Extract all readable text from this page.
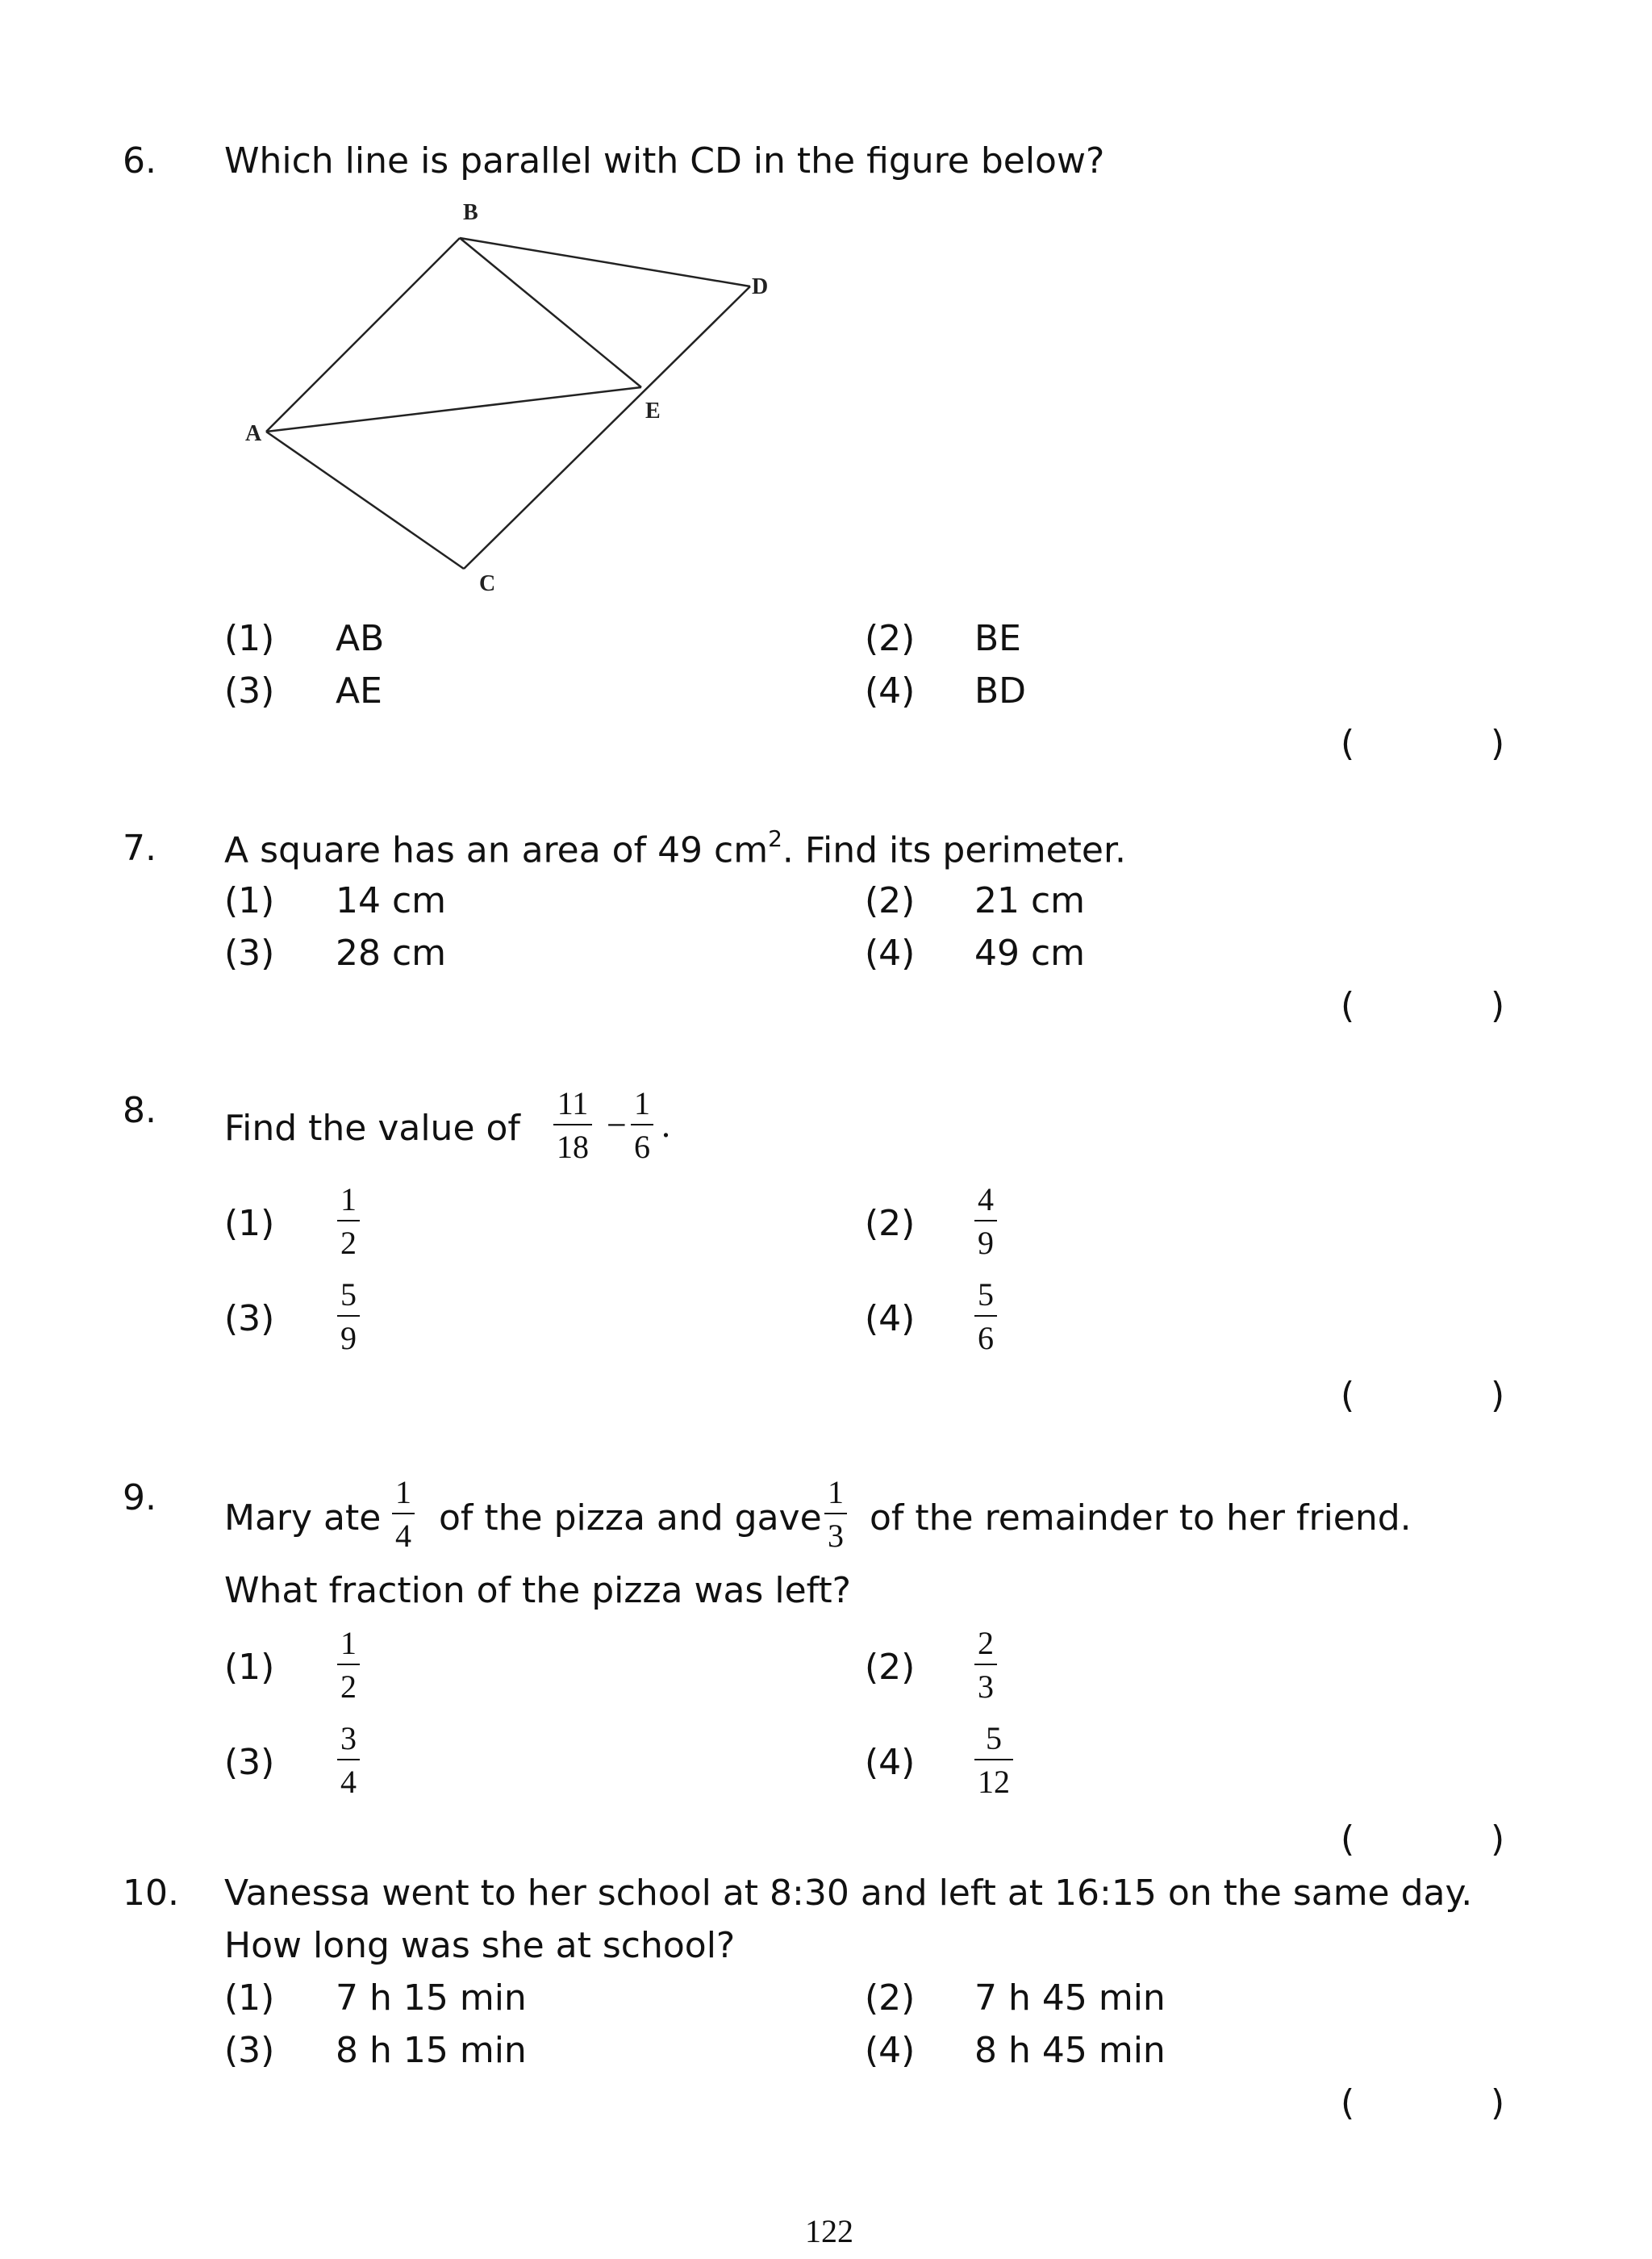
6. Which line is parallel with CD in the figure below?
B
D
E
A
C
(1) AB	(2) BE
(3) AE	(4) BD
(	)
7. A square has an area of 49 $cm^2$. Find its perimeter.
(1) 14 cm	(2) 21 cm
(3) 28 cm	(4) 49 cm
(	)
8. Find the value of
11
18
−
1
6
.
(1)
1
2	(2)
4
9
(3)
5
9	(4)
5
6
(	)
9. Mary ate
1
4 of the pizza and gave
1
3 of the remainder to her friend.
What fraction of the pizza was left?
(1)
1
2	(2)
2
3
(3)
3
4	(4)
5
12
(	)
10. Vanessa went to her school at 8:30 and left at 16:15 on the same day.
How long was she at school?
(1) 7 h 15 min	(2) 7 h 45 min
(3) 8 h 15 min	(4) 8 h 45 min
(	)
122
